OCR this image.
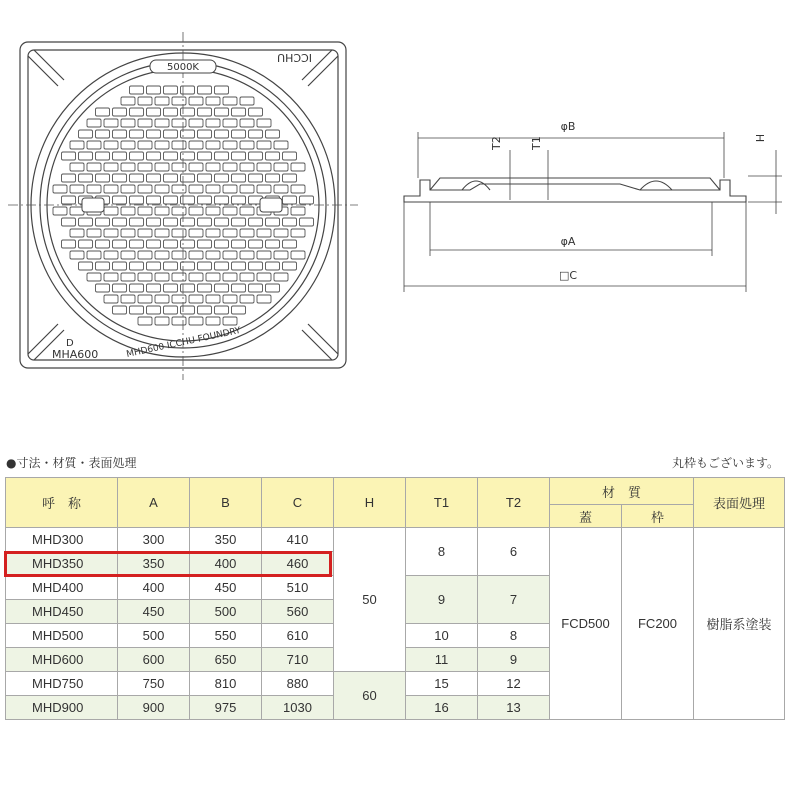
5000K
ICCHU
MHD600 ICCHU FOUNDRY
D
MHA600
φB
φA
□C
H
T2 T1
●寸法・材質・表面処理	丸枠もございます。
呼　称	A	B	C	H	T1	T2	材　質		表面処理
							蓋	枠	
MHD300	300	350	410	50	8	6	FCD500	FC200	樹脂系塗装
MHD350	350	400	460						
MHD400	400	450	510		9	7			
MHD450	450	500	560						
MHD500	500	550	610		10	8			
MHD600	600	650	710		11	9			
MHD750	750	810	880	60	15	12			
MHD900	900	975	1030		16	13			
